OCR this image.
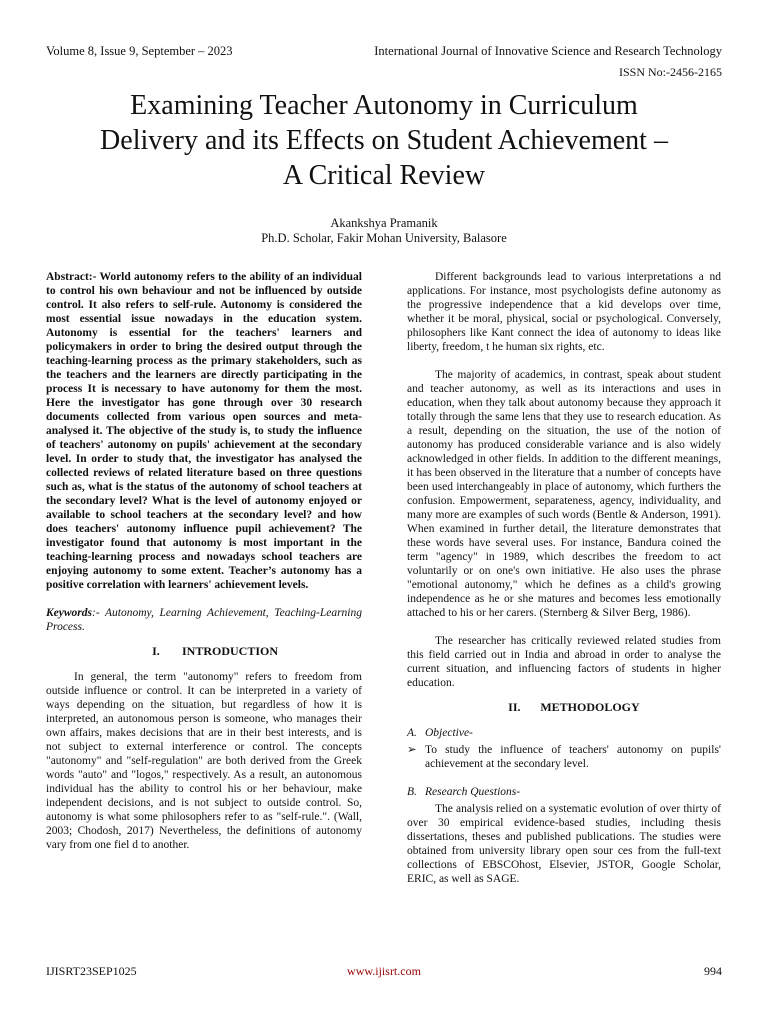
Volume 8, Issue 9, September – 2023	International Journal of Innovative Science and Research Technology
ISSN No:-2456-2165
Examining Teacher Autonomy in Curriculum
Delivery and its Effects on Student Achievement –
A Critical Review
Akankshya Pramanik
Ph.D. Scholar, Fakir Mohan University, Balasore

Abstract:- World autonomy refers to the ability of an individual to control his own behaviour and not be influenced by outside control. It also refers to self-rule. Autonomy is considered the most essential issue nowadays in the education system. Autonomy is essential for the teachers' learners and policymakers in order to bring the desired output through the teaching-learning process as the primary stakeholders, such as the teachers and the learners are directly participating in the process It is necessary to have autonomy for them the most. Here the investigator has gone through over 30 research documents collected from various open sources and meta-analysed it. The objective of the study is, to study the influence of teachers' autonomy on pupils' achievement at the secondary level. In order to study that, the investigator has analysed the collected reviews of related literature based on three questions such as, what is the status of the autonomy of school teachers at the secondary level? What is the level of autonomy enjoyed or available to school teachers at the secondary level? and how does teachers' autonomy influence pupil achievement? The investigator found that autonomy is most important in the teaching-learning process and nowadays school teachers are enjoying autonomy to some extent. Teacher’s autonomy has a positive correlation with learners' achievement levels.

Keywords:- Autonomy, Learning Achievement, Teaching-Learning Process.

I.	INTRODUCTION

In general, the term "autonomy" refers to freedom from outside influence or control. It can be interpreted in a variety of ways depending on the situation, but regardless of how it is interpreted, an autonomous person is someone, who manages their own affairs, makes decisions that are in their best interests, and is not subject to external interference or control. The concepts "autonomy" and "self-regulation" are both derived from the Greek words "auto" and "logos," respectively. As a result, an autonomous individual has the ability to control his or her behaviour, make independent decisions, and is not subject to outside control. So, autonomy is what some philosophers refer to as "self-rule.". (Wall, 2003; Chodosh, 2017) Nevertheless, the definitions of autonomy vary from one fiel d to another.

Different backgrounds lead to various interpretations a nd applications. For instance, most psychologists define autonomy as the progressive independence that a kid develops over time, whether it be moral, physical, social or psychological. Conversely, philosophers like Kant connect the idea of autonomy to ideas like liberty, freedom, t he human six rights, etc.

The majority of academics, in contrast, speak about student and teacher autonomy, as well as its interactions and uses in education, when they talk about autonomy because they approach it totally through the same lens that they use to research education. As a result, depending on the situation, the use of the notion of autonomy has produced considerable variance and is also widely acknowledged in other fields. In addition to the different meanings, it has been observed in the literature that a number of concepts have been used interchangeably in place of autonomy, which furthers the confusion. Empowerment, separateness, agency, individuality, and many more are examples of such words (Bentle & Anderson, 1991). When examined in further detail, the literature demonstrates that these words have several uses. For instance, Bandura coined the term "agency" in 1989, which describes the freedom to act voluntarily or on one's own initiative. He also uses the phrase "emotional autonomy," which he defines as a child's growing independence as he or she matures and becomes less emotionally attached to his or her carers. (Sternberg & Silver Berg, 1986).

The researcher has critically reviewed related studies from this field carried out in India and abroad in order to analyse the current situation, and influencing factors of students in higher education.

II.	METHODOLOGY
A. Objective-
➢ To study the influence of teachers' autonomy on pupils' achievement at the secondary level.
B. Research Questions-

The analysis relied on a systematic evolution of over thirty of over 30 empirical evidence-based studies, including thesis dissertations, theses and published publications. The studies were obtained from university library open sour ces from the full-text collections of EBSCOhost, Elsevier, JSTOR, Google Scholar, ERIC, as well as SAGE.

IJISRT23SEP1025	www.ijisrt.com	994
